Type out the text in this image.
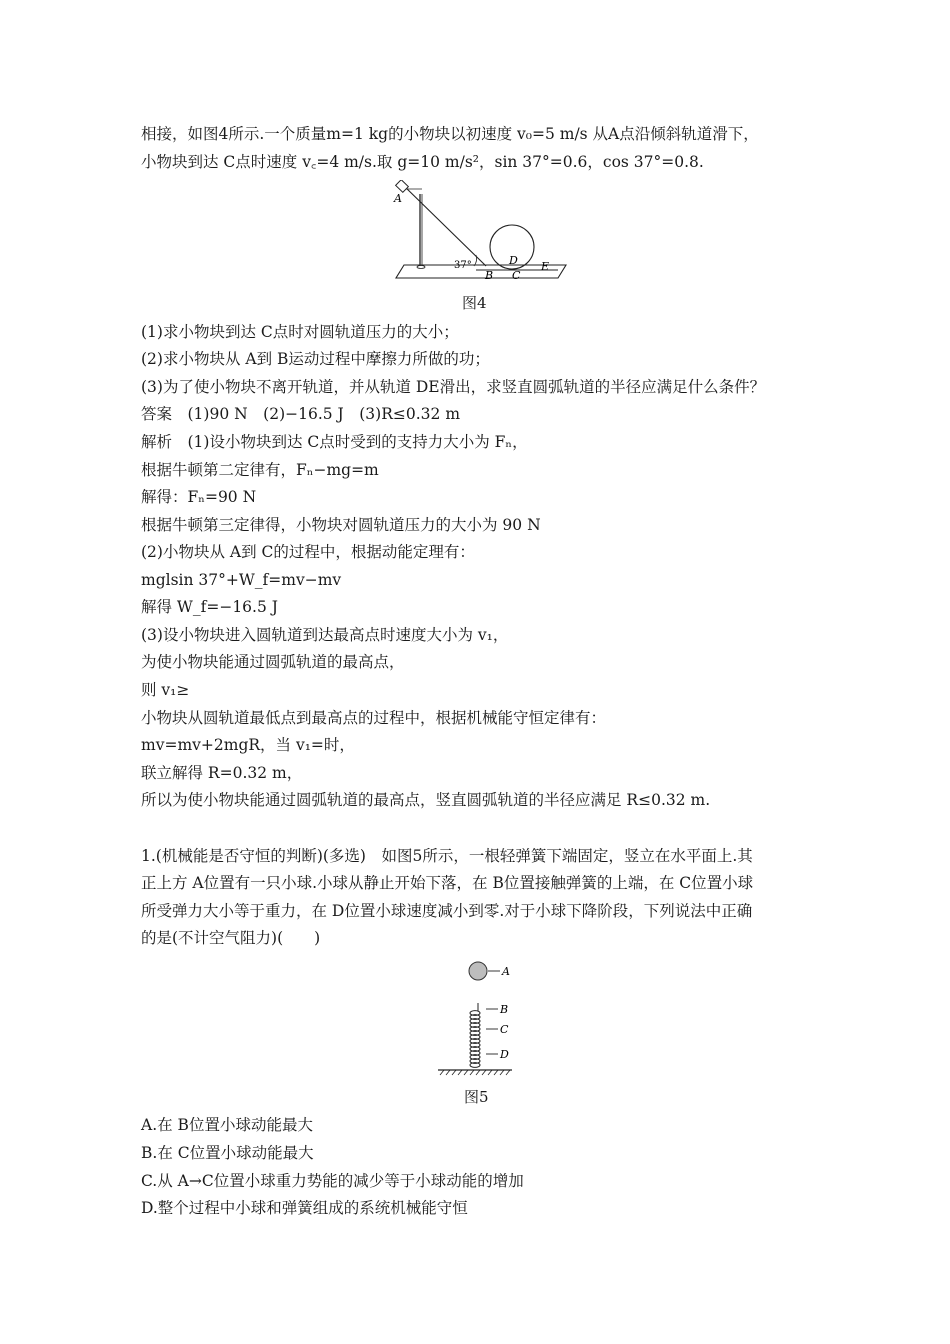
相接，如图4所示.一个质量m=1 kg的小物块以初速度 v₀=5 m/s 从A点沿倾斜轨道滑下，
小物块到达 C点时速度 v꜀=4 m/s.取 g=10 m/s²，sin 37°=0.6，cos 37°=0.8.
A
37°
B C
D E
图4
(1)求小物块到达 C点时对圆轨道压力的大小；
(2)求小物块从 A到 B运动过程中摩擦力所做的功；
(3)为了使小物块不离开轨道，并从轨道 DE滑出，求竖直圆弧轨道的半径应满足什么条件？
答案　(1)90 N　(2)−16.5 J　(3)R≤0.32 m
解析　(1)设小物块到达 C点时受到的支持力大小为 Fₙ，
根据牛顿第二定律有，Fₙ−mg=m
解得：Fₙ=90 N
根据牛顿第三定律得，小物块对圆轨道压力的大小为 90 N
(2)小物块从 A到 C的过程中，根据动能定理有：
mglsin 37°+W_f=mv−mv
解得 W_f=−16.5 J
(3)设小物块进入圆轨道到达最高点时速度大小为 v₁，
为使小物块能通过圆弧轨道的最高点，
则 v₁≥
小物块从圆轨道最低点到最高点的过程中，根据机械能守恒定律有：
mv=mv+2mgR，当 v₁=时，
联立解得 R=0.32 m，
所以为使小物块能通过圆弧轨道的最高点，竖直圆弧轨道的半径应满足 R≤0.32 m.
1.(机械能是否守恒的判断)(多选)　如图5所示，一根轻弹簧下端固定，竖立在水平面上.其
正上方 A位置有一只小球.小球从静止开始下落，在 B位置接触弹簧的上端，在 C位置小球
所受弹力大小等于重力，在 D位置小球速度减小到零.对于小球下降阶段，下列说法中正确
的是(不计空气阻力)(　　)
A
B
C
D
图5
A.在 B位置小球动能最大
B.在 C位置小球动能最大
C.从 A→C位置小球重力势能的减少等于小球动能的增加
D.整个过程中小球和弹簧组成的系统机械能守恒
